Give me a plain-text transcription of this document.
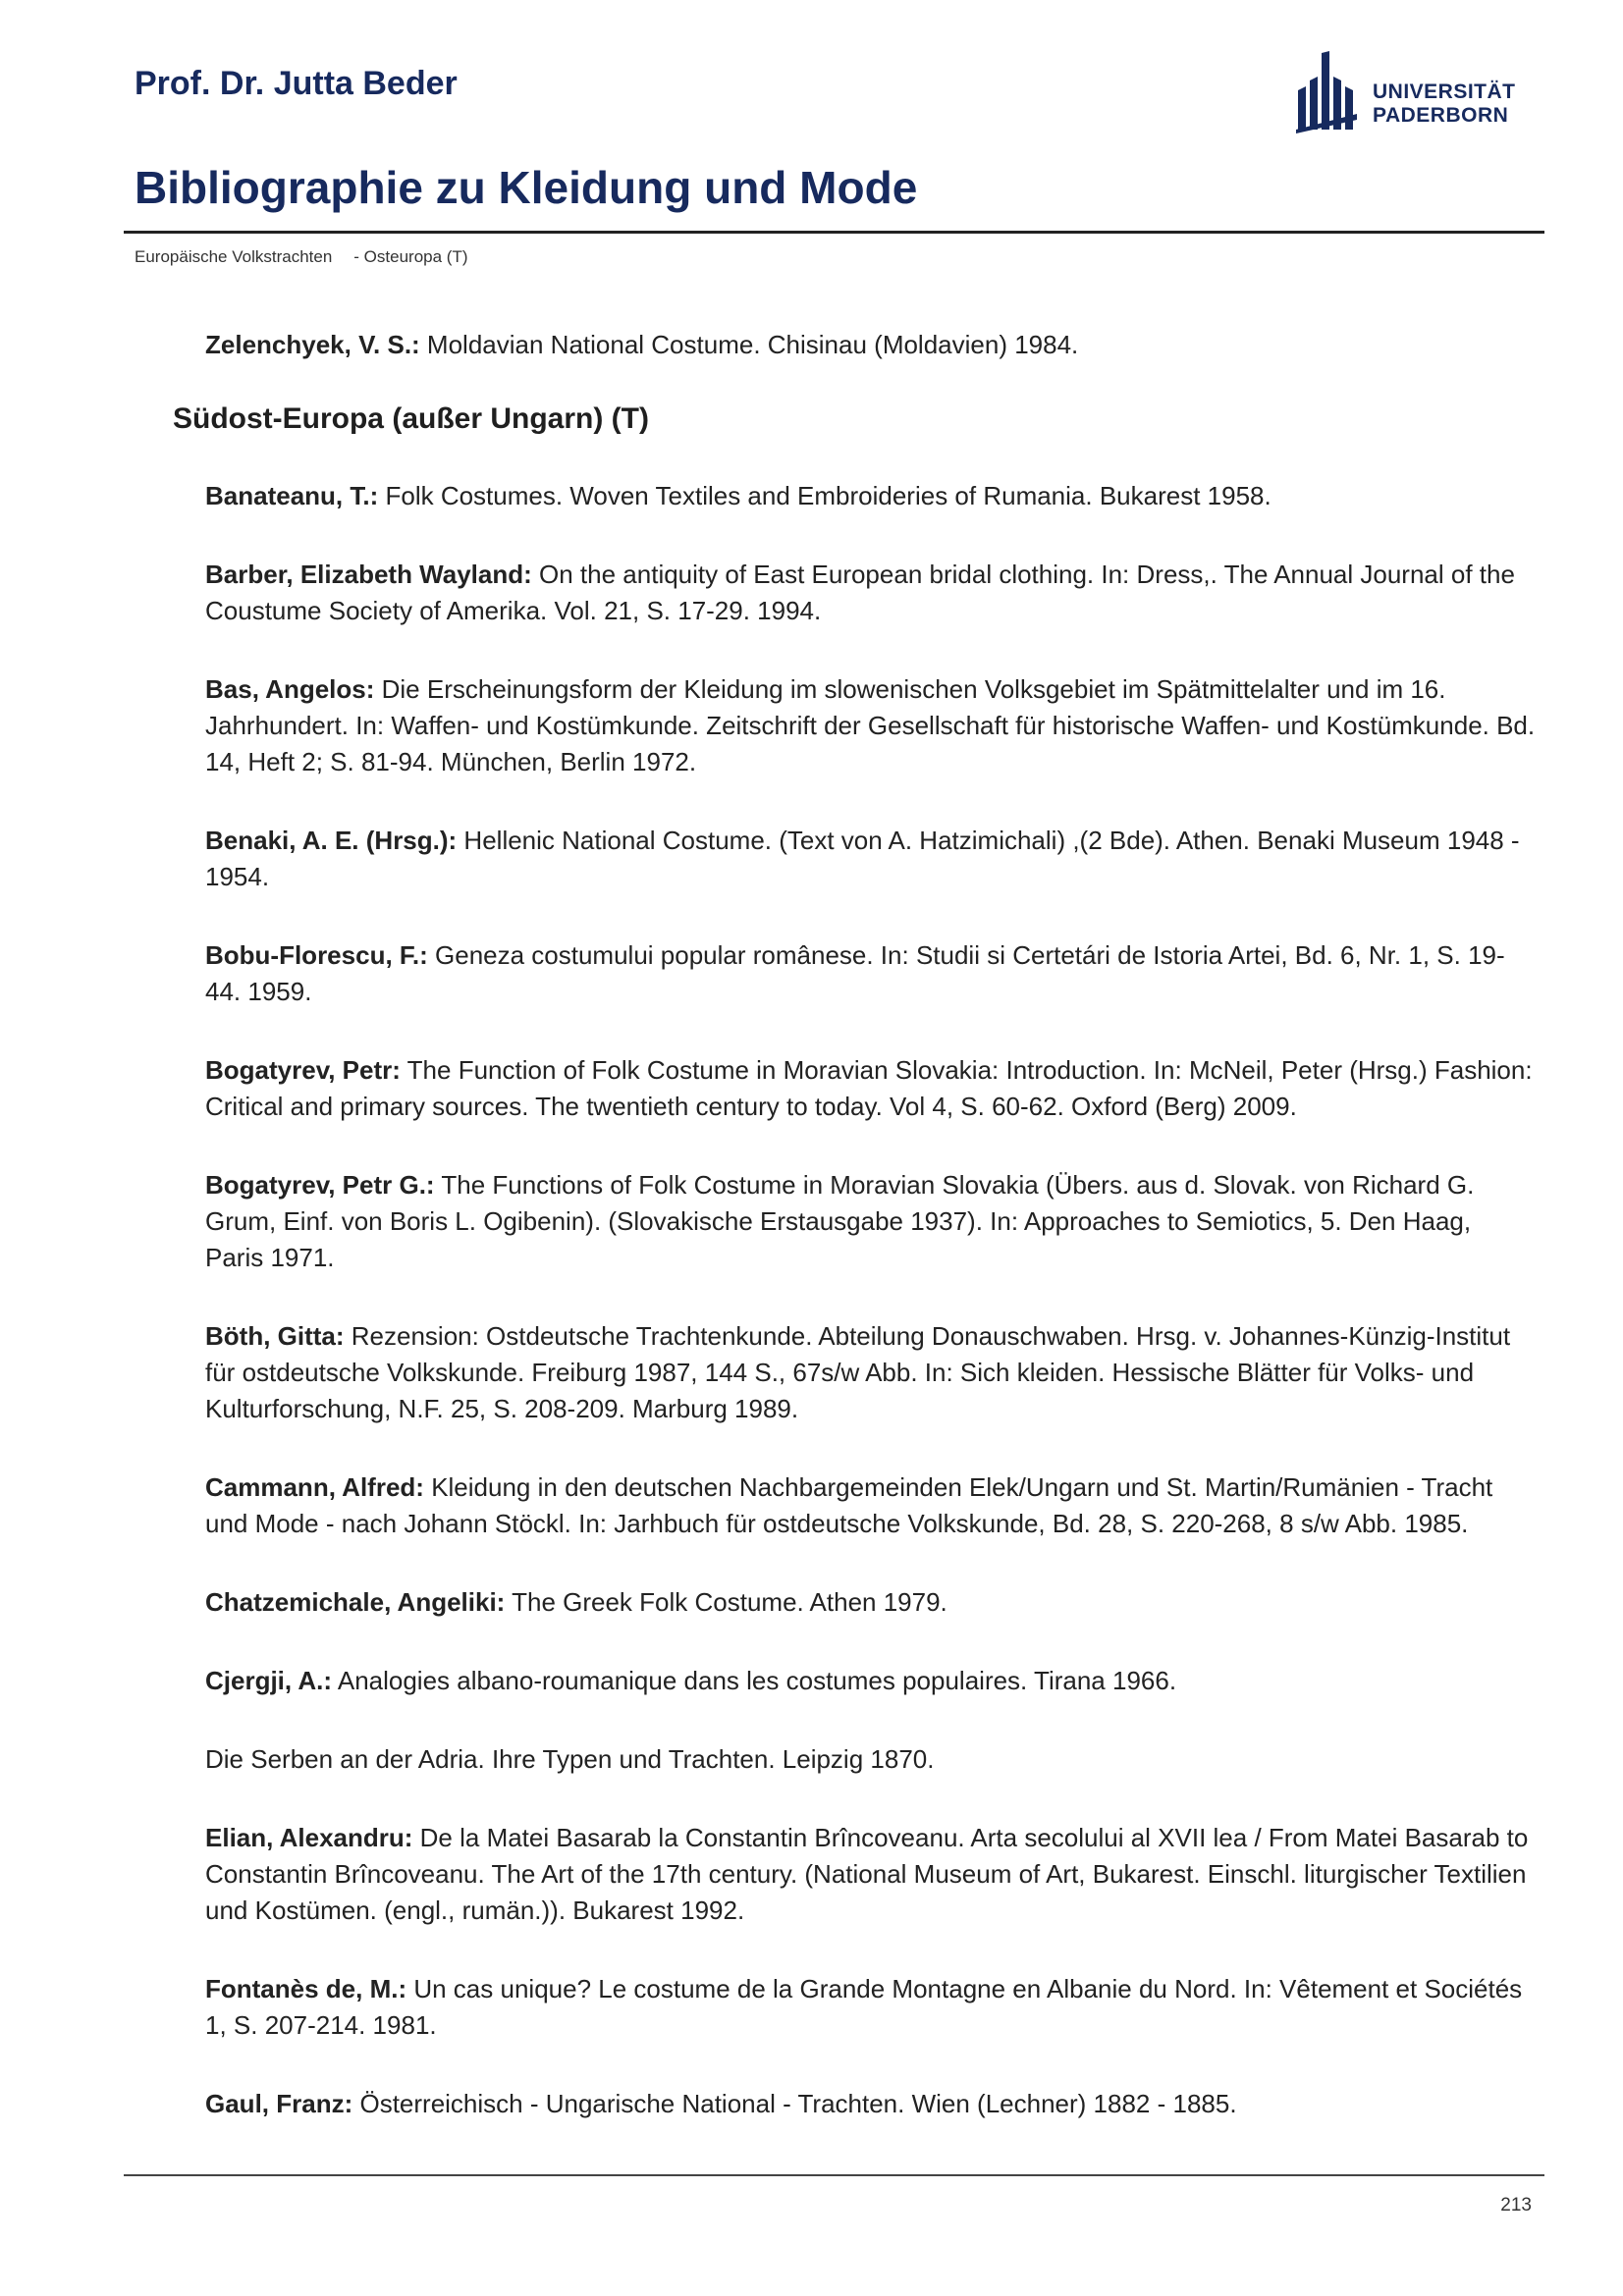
Prof. Dr. Jutta Beder	UNIVERSITÄT
PADERBORN
Bibliographie zu Kleidung und Mode
Europäische Volkstrachten - Osteuropa (T)
Zelenchyek, V. S.: Moldavian National Costume. Chisinau (Moldavien) 1984.
Südost-Europa (außer Ungarn) (T)
Banateanu, T.: Folk Costumes. Woven Textiles and Embroideries of Rumania. Bukarest 1958.
Barber, Elizabeth Wayland: On the antiquity of East European bridal clothing. In: Dress,. The Annual Journal of the Coustume Society of Amerika. Vol. 21, S. 17-29. 1994.
Bas, Angelos: Die Erscheinungsform der Kleidung im slowenischen Volksgebiet im Spätmittelalter und im 16. Jahrhundert. In: Waffen- und Kostümkunde. Zeitschrift der Gesellschaft für historische Waffen- und Kostümkunde. Bd. 14, Heft 2; S. 81-94. München, Berlin 1972.
Benaki, A. E. (Hrsg.): Hellenic National Costume. (Text von A. Hatzimichali) ,(2 Bde). Athen. Benaki Museum 1948 - 1954.
Bobu-Florescu, F.: Geneza costumului popular românese. In: Studii si Certetári de Istoria Artei, Bd. 6, Nr. 1, S. 19-44. 1959.
Bogatyrev, Petr: The Function of Folk Costume in Moravian Slovakia: Introduction. In: McNeil, Peter (Hrsg.) Fashion: Critical and primary sources. The twentieth century to today. Vol 4, S. 60-62. Oxford (Berg) 2009.
Bogatyrev, Petr G.: The Functions of Folk Costume in Moravian Slovakia (Übers. aus d. Slovak. von Richard G. Grum, Einf. von Boris L. Ogibenin). (Slovakische Erstausgabe 1937). In: Approaches to Semiotics, 5. Den Haag, Paris 1971.
Böth, Gitta: Rezension: Ostdeutsche Trachtenkunde. Abteilung Donauschwaben. Hrsg. v. Johannes-Künzig-Institut für ostdeutsche Volkskunde. Freiburg 1987, 144 S., 67s/w Abb. In: Sich kleiden. Hessische Blätter für Volks- und Kulturforschung, N.F. 25, S. 208-209. Marburg 1989.
Cammann, Alfred: Kleidung in den deutschen Nachbargemeinden Elek/Ungarn und St. Martin/Rumänien - Tracht und Mode - nach Johann Stöckl. In: Jarhbuch für ostdeutsche Volkskunde, Bd. 28, S. 220-268, 8 s/w Abb. 1985.
Chatzemichale, Angeliki: The Greek Folk Costume. Athen 1979.
Cjergji, A.: Analogies albano-roumanique dans les costumes populaires. Tirana 1966.
Die Serben an der Adria. Ihre Typen und Trachten. Leipzig 1870.
Elian, Alexandru: De la Matei Basarab la Constantin Brîncoveanu. Arta secolului al XVII lea / From Matei Basarab to Constantin Brîncoveanu. The Art of the 17th century. (National Museum of Art, Bukarest. Einschl. liturgischer Textilien und Kostümen. (engl., rumän.)). Bukarest 1992.
Fontanès de, M.: Un cas unique? Le costume de la Grande Montagne en Albanie du Nord. In: Vêtement et Sociétés 1, S. 207-214. 1981.
Gaul, Franz: Österreichisch - Ungarische National - Trachten. Wien (Lechner) 1882 - 1885.
213
